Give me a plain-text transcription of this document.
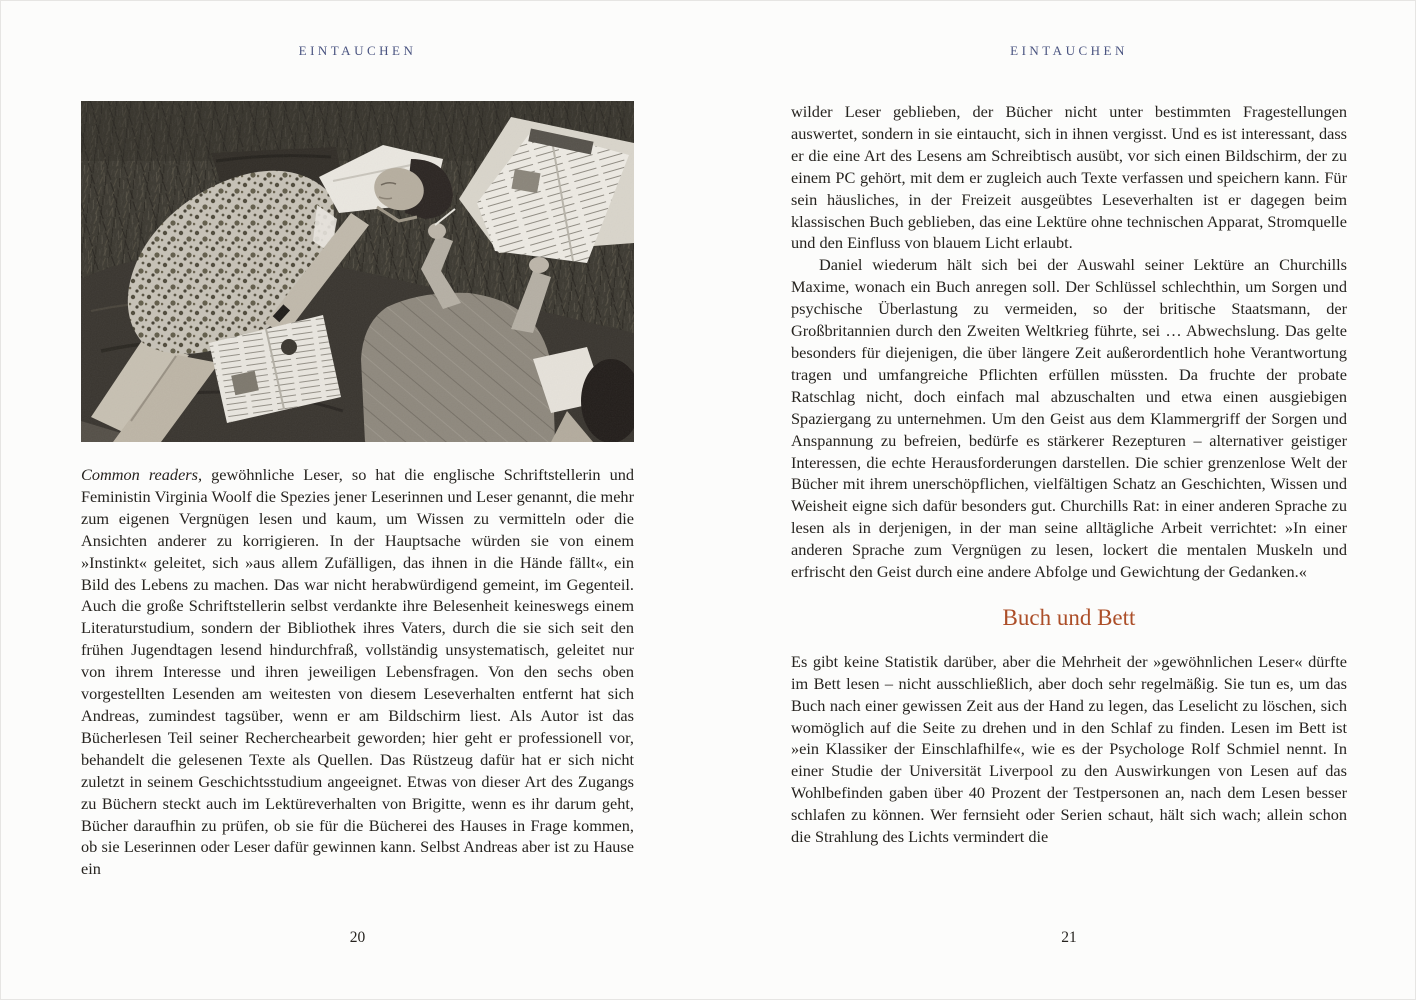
EINTAUCHEN

Common readers, gewöhnliche Leser, so hat die englische Schriftstellerin und Feministin Virginia Woolf die Spezies jener Leserinnen und Leser genannt, die mehr zum eigenen Vergnügen lesen und kaum, um Wissen zu vermitteln oder die Ansichten anderer zu korrigieren. In der Hauptsache würden sie von einem »Instinkt« geleitet, sich »aus allem Zufälligen, das ihnen in die Hände fällt«, ein Bild des Lebens zu machen. Das war nicht herabwürdigend gemeint, im Gegenteil. Auch die große Schriftstellerin selbst verdankte ihre Belesenheit keineswegs einem Literaturstudium, sondern der Bibliothek ihres Vaters, durch die sie sich seit den frühen Jugendtagen lesend hindurchfraß, vollständig unsystematisch, geleitet nur von ihrem Interesse und ihren jeweiligen Lebensfragen. Von den sechs oben vorgestellten Lesenden am weitesten von diesem Leseverhalten entfernt hat sich Andreas, zumindest tagsüber, wenn er am Bildschirm liest. Als Autor ist das Bücherlesen Teil seiner Recherchearbeit geworden; hier geht er professionell vor, behandelt die gelesenen Texte als Quellen. Das Rüstzeug dafür hat er sich nicht zuletzt in seinem Geschichtsstudium angeeignet. Etwas von dieser Art des Zugangs zu Büchern steckt auch im Lektüreverhalten von Brigitte, wenn es ihr darum geht, Bücher daraufhin zu prüfen, ob sie für die Bücherei des Hauses in Frage kommen, ob sie Leserinnen oder Leser dafür gewinnen kann. Selbst Andreas aber ist zu Hause ein

20
EINTAUCHEN

wilder Leser geblieben, der Bücher nicht unter bestimmten Fragestellungen auswertet, sondern in sie eintaucht, sich in ihnen vergisst. Und es ist interessant, dass er die eine Art des Lesens am Schreibtisch ausübt, vor sich einen Bildschirm, der zu einem PC gehört, mit dem er zugleich auch Texte verfassen und speichern kann. Für sein häusliches, in der Freizeit ausgeübtes Leseverhalten ist er dagegen beim klassischen Buch geblieben, das eine Lektüre ohne technischen Apparat, Stromquelle und den Einfluss von blauem Licht erlaubt.

Daniel wiederum hält sich bei der Auswahl seiner Lektüre an Churchills Maxime, wonach ein Buch anregen soll. Der Schlüssel schlechthin, um Sorgen und psychische Überlastung zu vermeiden, so der britische Staatsmann, der Großbritannien durch den Zweiten Weltkrieg führte, sei … Abwechslung. Das gelte besonders für diejenigen, die über längere Zeit außerordentlich hohe Verantwortung tragen und umfangreiche Pflichten erfüllen müssten. Da fruchte der probate Ratschlag nicht, doch einfach mal abzuschalten und etwa einen ausgiebigen Spaziergang zu unternehmen. Um den Geist aus dem Klammergriff der Sorgen und Anspannung zu befreien, bedürfe es stärkerer Rezepturen – alternativer geistiger Interessen, die echte Herausforderungen darstellen. Die schier grenzenlose Welt der Bücher mit ihrem unerschöpflichen, vielfältigen Schatz an Geschichten, Wissen und Weisheit eigne sich dafür besonders gut. Churchills Rat: in einer anderen Sprache zu lesen als in derjenigen, in der man seine alltägliche Arbeit verrichtet: »In einer anderen Sprache zum Vergnügen zu lesen, lockert die mentalen Muskeln und erfrischt den Geist durch eine andere Abfolge und Gewichtung der Gedanken.«

Buch und Bett

Es gibt keine Statistik darüber, aber die Mehrheit der »gewöhnlichen Leser« dürfte im Bett lesen – nicht ausschließlich, aber doch sehr regelmäßig. Sie tun es, um das Buch nach einer gewissen Zeit aus der Hand zu legen, das Leselicht zu löschen, sich womöglich auf die Seite zu drehen und in den Schlaf zu finden. Lesen im Bett ist »ein Klassiker der Einschlafhilfe«, wie es der Psychologe Rolf Schmiel nennt. In einer Studie der Universität Liverpool zu den Auswirkungen von Lesen auf das Wohlbefinden gaben über 40 Prozent der Testpersonen an, nach dem Lesen besser schlafen zu können. Wer fernsieht oder Serien schaut, hält sich wach; allein schon die Strahlung des Lichts vermindert die

21
